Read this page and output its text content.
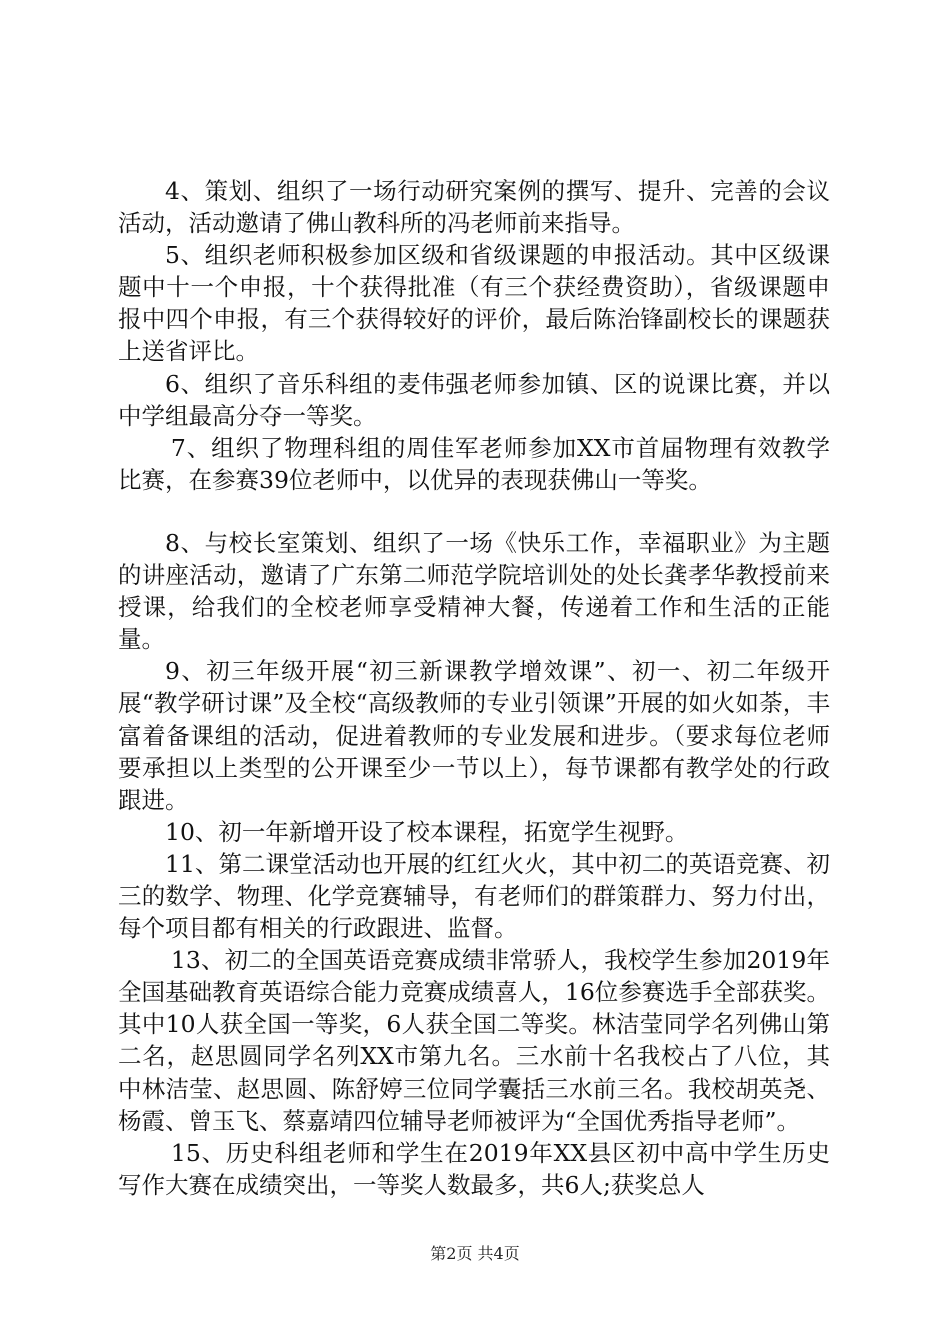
4、策划、组织了一场行动研究案例的撰写、提升、完善的会议活动，活动邀请了佛山教科所的冯老师前来指导。

5、组织老师积极参加区级和省级课题的申报活动。其中区级课题中十一个申报，十个获得批准（有三个获经费资助），省级课题申报中四个申报，有三个获得较好的评价，最后陈治锋副校长的课题获上送省评比。

6、组织了音乐科组的麦伟强老师参加镇、区的说课比赛，并以中学组最高分夺一等奖。

7、组织了物理科组的周佳军老师参加XX市首届物理有效教学比赛，在参赛39位老师中，以优异的表现获佛山一等奖。

8、与校长室策划、组织了一场《快乐工作，幸福职业》为主题的讲座活动，邀请了广东第二师范学院培训处的处长龚孝华教授前来授课，给我们的全校老师享受精神大餐，传递着工作和生活的正能量。

9、初三年级开展“初三新课教学增效课”、初一、初二年级开展“教学研讨课”及全校“高级教师的专业引领课”开展的如火如荼，丰富着备课组的活动，促进着教师的专业发展和进步。（要求每位老师要承担以上类型的公开课至少一节以上），每节课都有教学处的行政跟进。

10、初一年新增开设了校本课程，拓宽学生视野。

11、第二课堂活动也开展的红红火火，其中初二的英语竞赛、初三的数学、物理、化学竞赛辅导，有老师们的群策群力、努力付出，每个项目都有相关的行政跟进、监督。

13、初二的全国英语竞赛成绩非常骄人，我校学生参加2019年全国基础教育英语综合能力竞赛成绩喜人，16位参赛选手全部获奖。其中10人获全国一等奖，6人获全国二等奖。林洁莹同学名列佛山第二名，赵思圆同学名列XX市第九名。三水前十名我校占了八位，其中林洁莹、赵思圆、陈舒婷三位同学囊括三水前三名。我校胡英尧、杨霞、曾玉飞、蔡嘉靖四位辅导老师被评为“全国优秀指导老师”。

15、历史科组老师和学生在2019年XX县区初中高中学生历史写作大赛在成绩突出，一等奖人数最多，共6人;获奖总人

第2页 共4页
